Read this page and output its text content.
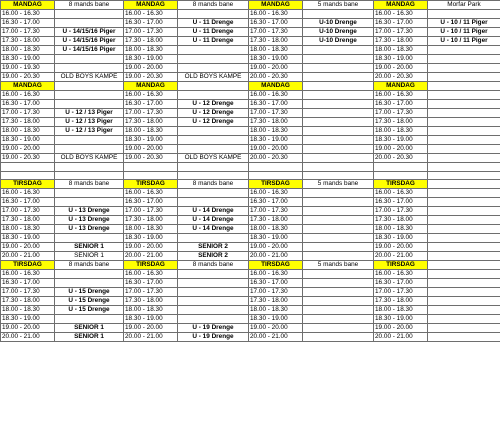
MANDAG	8 mands bane	MANDAG	8 mands bane	MANDAG	5 mands bane	MANDAG	Morfar Park
16.00 - 16.30		16.00 - 16.30		16.00 - 16.30		16.00 - 16.30	
16.30 - 17.00		16.30 - 17.00	U - 11 Drenge	16.30 - 17.00	U-10 Drenge	16.30 - 17.00	U - 10 / 11 Piger
17.00 - 17.30	U - 14/15/16 Piger	17.00 - 17.30	U - 11 Drenge	17.00 - 17.30	U-10 Drenge	17.00 - 17.30	U - 10 / 11 Piger
17.30 - 18.00	U - 14/15/16 Piger	17.30 - 18.00	U - 11 Drenge	17.30 - 18.00	U-10 Drenge	17.30 - 18.00	U - 10 / 11 Piger
18.00 - 18.30	U - 14/15/16 Piger	18.00 - 18.30		18.00 - 18.30		18.00 - 18.30	
18.30 - 19.00		18.30 - 19.00		18.30 - 19.00		18.30 - 19.00	
19.00 - 19.30		19.00 - 20.00		19.00 - 20.00		19.00 - 20.00	
19.00 - 20.30	OLD BOYS KAMPE	19.00 - 20.30	OLD BOYS KAMPE	20.00 - 20.30		20.00 - 20.30	
MANDAG		MANDAG		MANDAG		MANDAG	
16.00 - 16.30		16.00 - 16.30		16.00 - 16.30		16.00 - 16.30	
16.30 - 17.00		16.30 - 17.00	U - 12 Drenge	16.30 - 17.00		16.30 - 17.00	
17.00 - 17.30	U - 12 / 13 Piger	17.00 - 17.30	U - 12 Drenge	17.00 - 17.30		17.00 - 17.30	
17.30 - 18.00	U - 12 / 13 Piger	17.30 - 18.00	U - 12 Drenge	17.30 - 18.00		17.30 - 18.00	
18.00 - 18.30	U - 12 / 13 Piger	18.00 - 18.30		18.00 - 18.30		18.00 - 18.30	
18.30 - 19.00		18.30 - 19.00		18.30 - 19.00		18.30 - 19.00	
19.00 - 20.00		19.00 - 20.00		19.00 - 20.00		19.00 - 20.00	
19.00 - 20.30	OLD BOYS KAMPE	19.00 - 20.30	OLD BOYS KAMPE	20.00 - 20.30		20.00 - 20.30	

TIRSDAG	8 mands bane	TIRSDAG	8 mands bane	TIRSDAG	5 mands bane	TIRSDAG	
16.00 - 16.30		16.00 - 16.30		16.00 - 16.30		16.00 - 16.30	
16.30 - 17.00		16.30 - 17.00		16.30 - 17.00		16.30 - 17.00	
17.00 - 17.30	U - 13 Drenge	17.00 - 17.30	U - 14 Drenge	17.00 - 17.30		17.00 - 17.30	
17.30 - 18.00	U - 13 Drenge	17.30 - 18.00	U - 14 Drenge	17.30 - 18.00		17.30 - 18.00	
18.00 - 18.30	U - 13 Drenge	18.00 - 18.30	U - 14 Drenge	18.00 - 18.30		18.00 - 18.30	
18.30 - 19.00		18.30 - 19.00		18.30 - 19.00		18.30 - 19.00	
19.00 - 20.00	SENIOR 1	19.00 - 20.00	SENIOR 2	19.00 - 20.00		19.00 - 20.00	
20.00 - 21.00	SENIOR 1	20.00 - 21.00	SENIOR 2	20.00 - 21.00		20.00 - 21.00	
TIRSDAG	8 mands bane	TIRSDAG	8 mands bane	TIRSDAG	5 mands bane	TIRSDAG	
16.00 - 16.30		16.00 - 16.30		16.00 - 16.30		16.00 - 16.30	
16.30 - 17.00		16.30 - 17.00		16.30 - 17.00		16.30 - 17.00	
17.00 - 17.30	U - 15 Drenge	17.00 - 17.30		17.00 - 17.30		17.00 - 17.30	
17.30 - 18.00	U - 15 Drenge	17.30 - 18.00		17.30 - 18.00		17.30 - 18.00	
18.00 - 18.30	U - 15 Drenge	18.00 - 18.30		18.00 - 18.30		18.00 - 18.30	
18.30 - 19.00		18.30 - 19.00		18.30 - 19.00		18.30 - 19.00	
19.00 - 20.00	SENIOR 1	19.00 - 20.00	U - 19 Drenge	19.00 - 20.00		19.00 - 20.00	
20.00 - 21.00	SENIOR 1	20.00 - 21.00	U - 19 Drenge	20.00 - 21.00		20.00 - 21.00	
